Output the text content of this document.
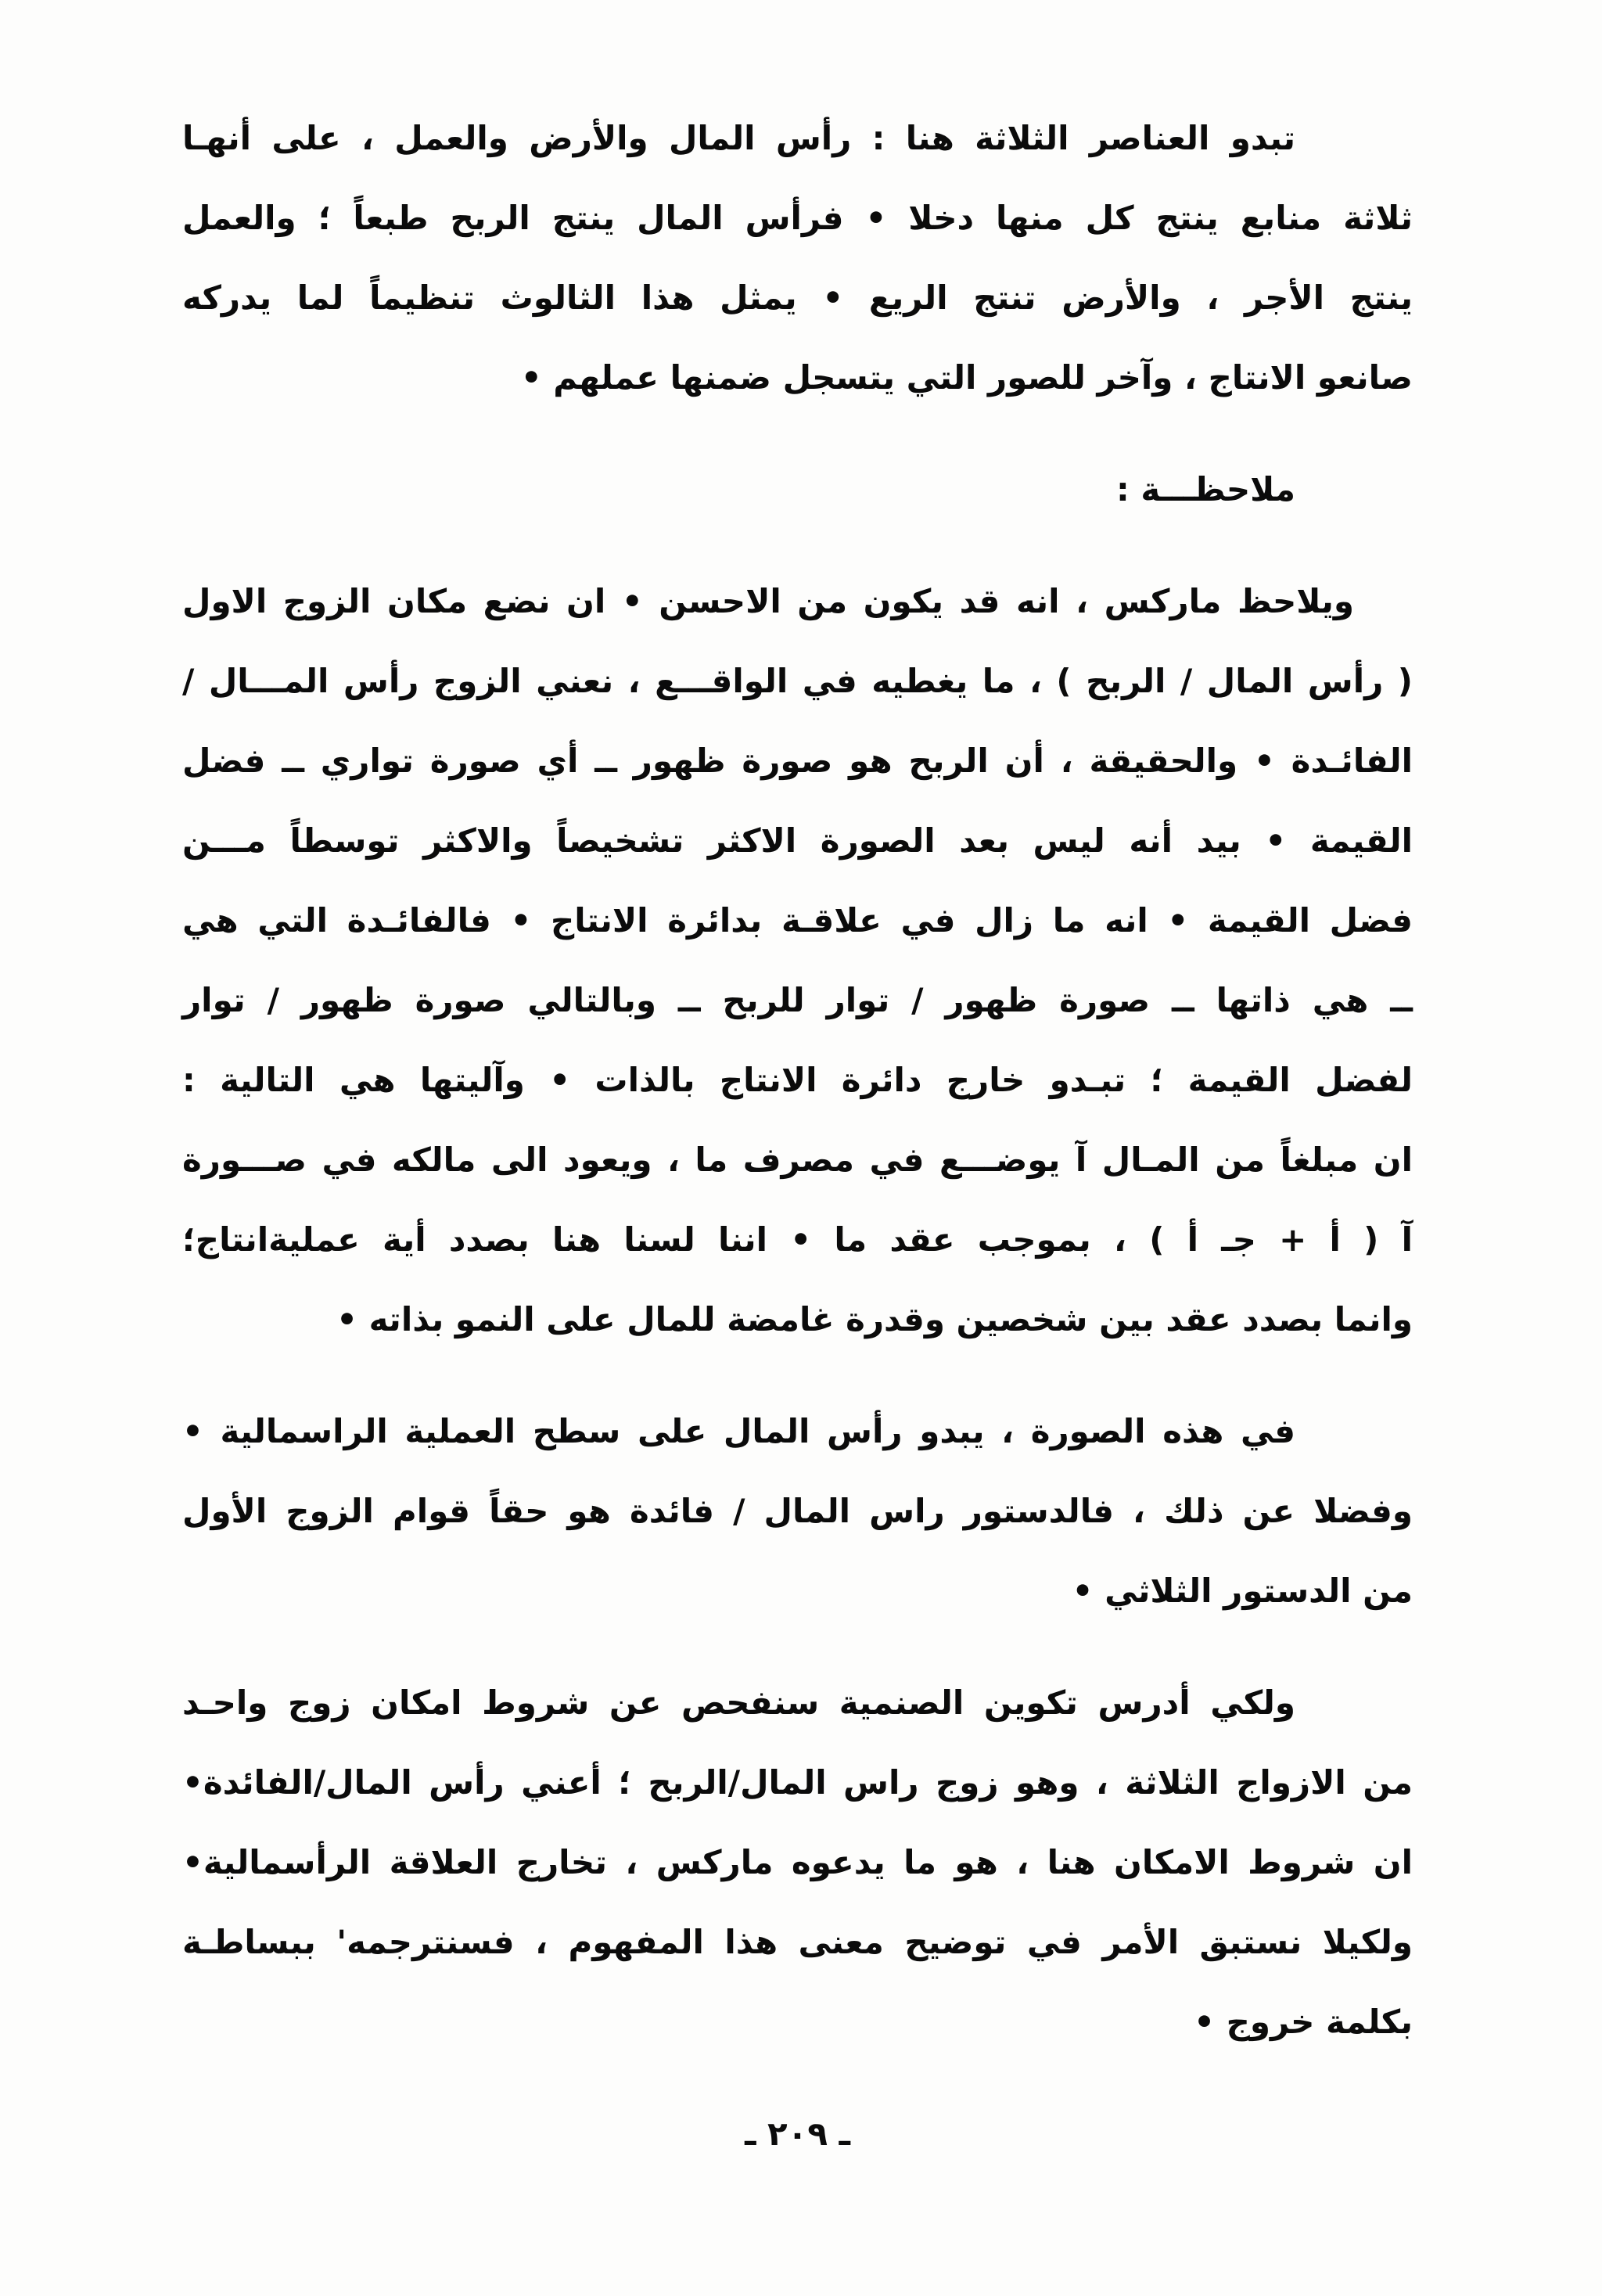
تبدو العناصر الثلاثة هنا : رأس المال والأرض والعمل ، على أنهـا
ثلاثة منابع ينتج كل منها دخلا • فرأس المال ينتج الربح طبعاً ؛ والعمل
ينتج الأجر ، والأرض تنتج الريع • يمثل هذا الثالوث تنظيماً لما يدركه
صانعو الانتاج ، وآخر للصور التي يتسجل ضمنها عملهم •
ملاحظـــة :
ويلاحظ ماركس ، انه قد يكون من الاحسن • ان نضع مكان الزوج الاول
( رأس المال / الربح ) ، ما يغطيه في الواقـــع ، نعني الزوج رأس المـــال /
الفائـدة • والحقيقة ، أن الربح هو صورة ظهور ــ أي صورة تواري ــ فضل
القيمة • بيد أنه ليس بعد الصورة الاكثر تشخيصاً والاكثر توسطاً مـــن
فضل القيمة • انه ما زال في علاقـة بدائرة الانتاج • فالفائـدة التي هي
ــ هي ذاتها ــ صورة ظهور / توار للربح ــ وبالتالي صورة ظهور / توار
لفضل القيمة ؛ تبـدو خارج دائرة الانتاج بالذات • وآليتها هي التالية :
ان مبلغاً من المـال آ يوضـــع في مصرف ما ، ويعود الى مالكه في صـــورة
آ ( أ + جـ أ ) ، بموجب عقد ما • اننا لسنا هنا بصدد أية عمليةانتاج؛
وانما بصدد عقد بين شخصين وقدرة غامضة للمال على النمو بذاته •
في هذه الصورة ، يبدو رأس المال على سطح العملية الراسمالية •
وفضلا عن ذلك ، فالدستور راس المال / فائدة هو حقاً قوام الزوج الأول
من الدستور الثلاثي •
ولكي أدرس تكوين الصنمية سنفحص عن شروط امكان زوج واحـد
من الازواج الثلاثة ، وهو زوج راس المال/الربح ؛ أعني رأس المال/الفائدة•
ان شروط الامكان هنا ، هو ما يدعوه ماركس ، تخارج العلاقة الرأسمالية•
ولكيلا نستبق الأمر في توضيح معنى هذا المفهوم ، فسنترجمه' ببساطـة
بكلمة خروج •
ـ ٢٠٩ ـ
